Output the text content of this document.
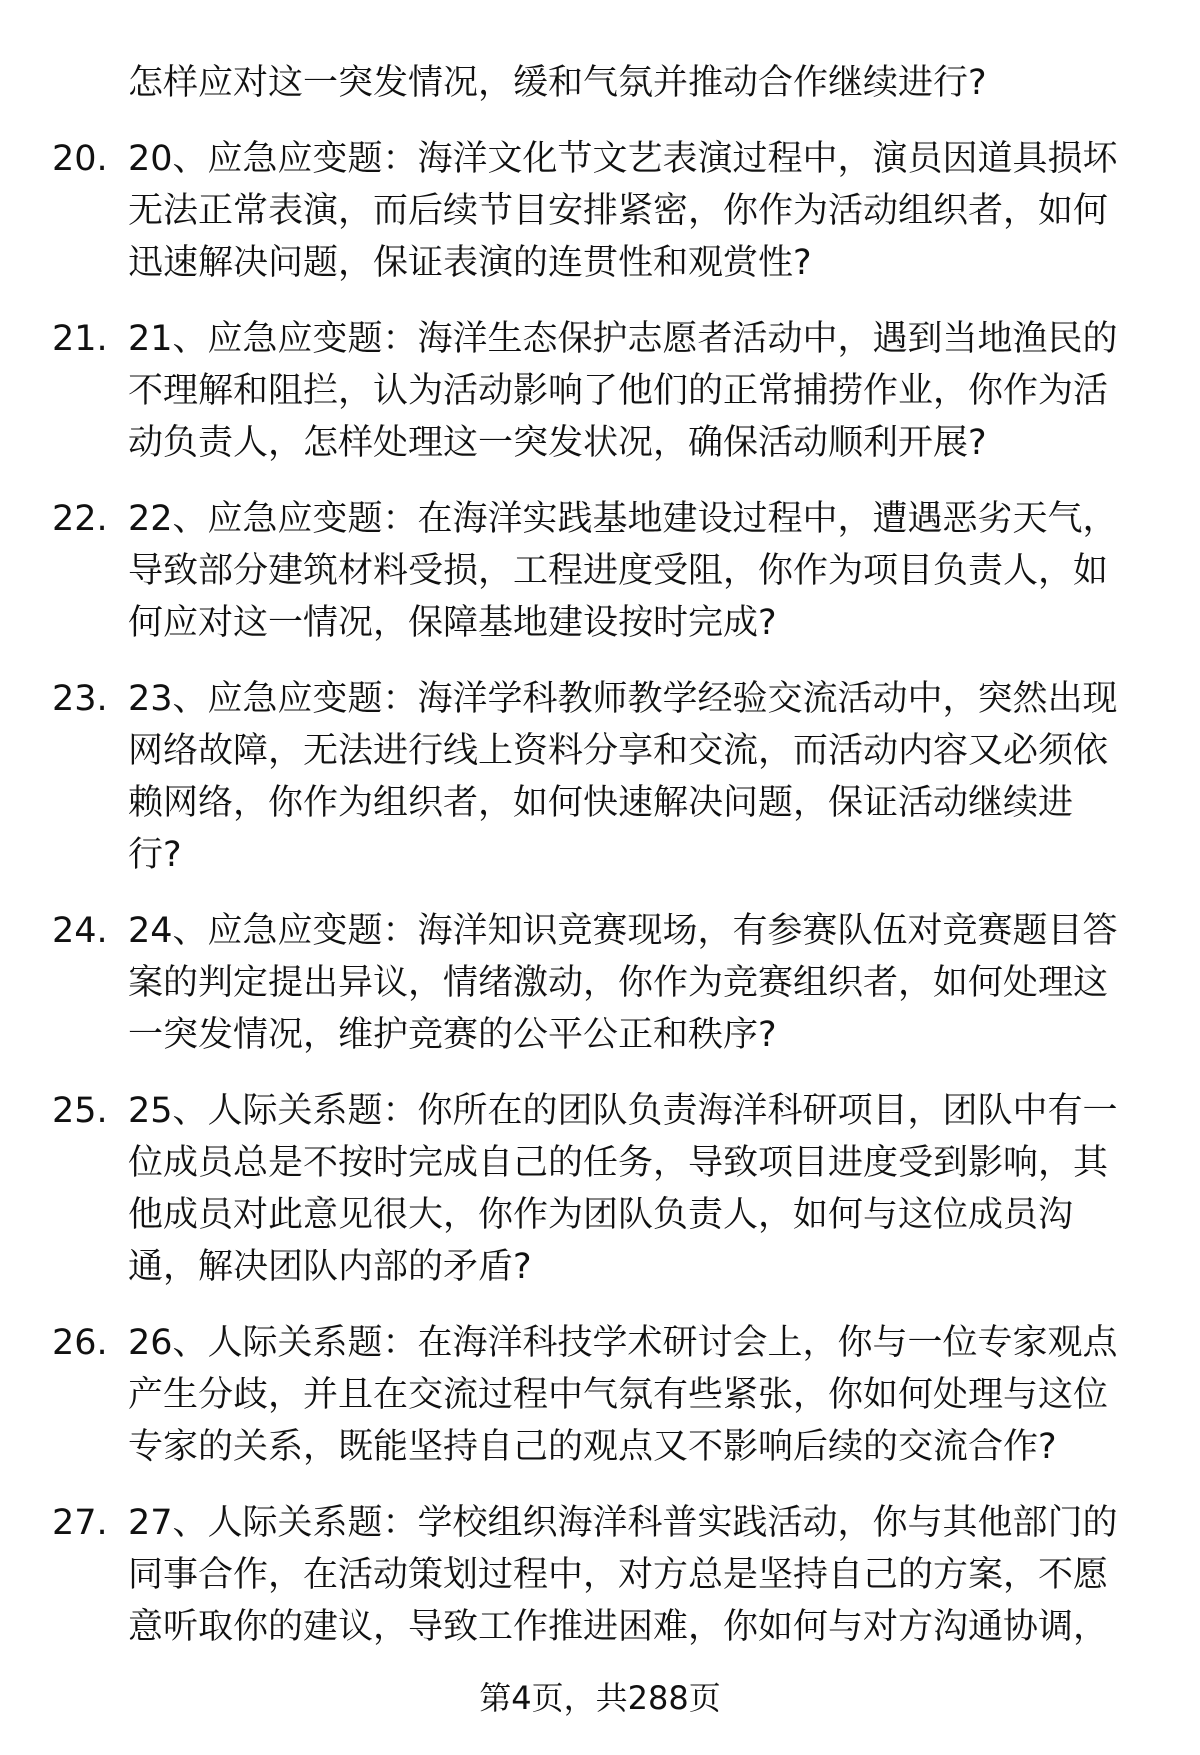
怎样应对这一突发情况，缓和气氛并推动合作继续进行?
20. 20、应急应变题：海洋文化节文艺表演过程中，演员因道具损坏
无法正常表演，而后续节目安排紧密，你作为活动组织者，如何
迅速解决问题，保证表演的连贯性和观赏性?
21. 21、应急应变题：海洋生态保护志愿者活动中，遇到当地渔民的
不理解和阻拦，认为活动影响了他们的正常捕捞作业，你作为活
动负责人，怎样处理这一突发状况，确保活动顺利开展?
22. 22、应急应变题：在海洋实践基地建设过程中，遭遇恶劣天气，
导致部分建筑材料受损，工程进度受阻，你作为项目负责人，如
何应对这一情况，保障基地建设按时完成?
23. 23、应急应变题：海洋学科教师教学经验交流活动中，突然出现
网络故障，无法进行线上资料分享和交流，而活动内容又必须依
赖网络，你作为组织者，如何快速解决问题，保证活动继续进
行?
24. 24、应急应变题：海洋知识竞赛现场，有参赛队伍对竞赛题目答
案的判定提出异议，情绪激动，你作为竞赛组织者，如何处理这
一突发情况，维护竞赛的公平公正和秩序?
25. 25、人际关系题：你所在的团队负责海洋科研项目，团队中有一
位成员总是不按时完成自己的任务，导致项目进度受到影响，其
他成员对此意见很大，你作为团队负责人，如何与这位成员沟
通，解决团队内部的矛盾?
26. 26、人际关系题：在海洋科技学术研讨会上，你与一位专家观点
产生分歧，并且在交流过程中气氛有些紧张，你如何处理与这位
专家的关系，既能坚持自己的观点又不影响后续的交流合作?
27. 27、人际关系题：学校组织海洋科普实践活动，你与其他部门的
同事合作，在活动策划过程中，对方总是坚持自己的方案，不愿
意听取你的建议，导致工作推进困难，你如何与对方沟通协调，
第4页，共288页
